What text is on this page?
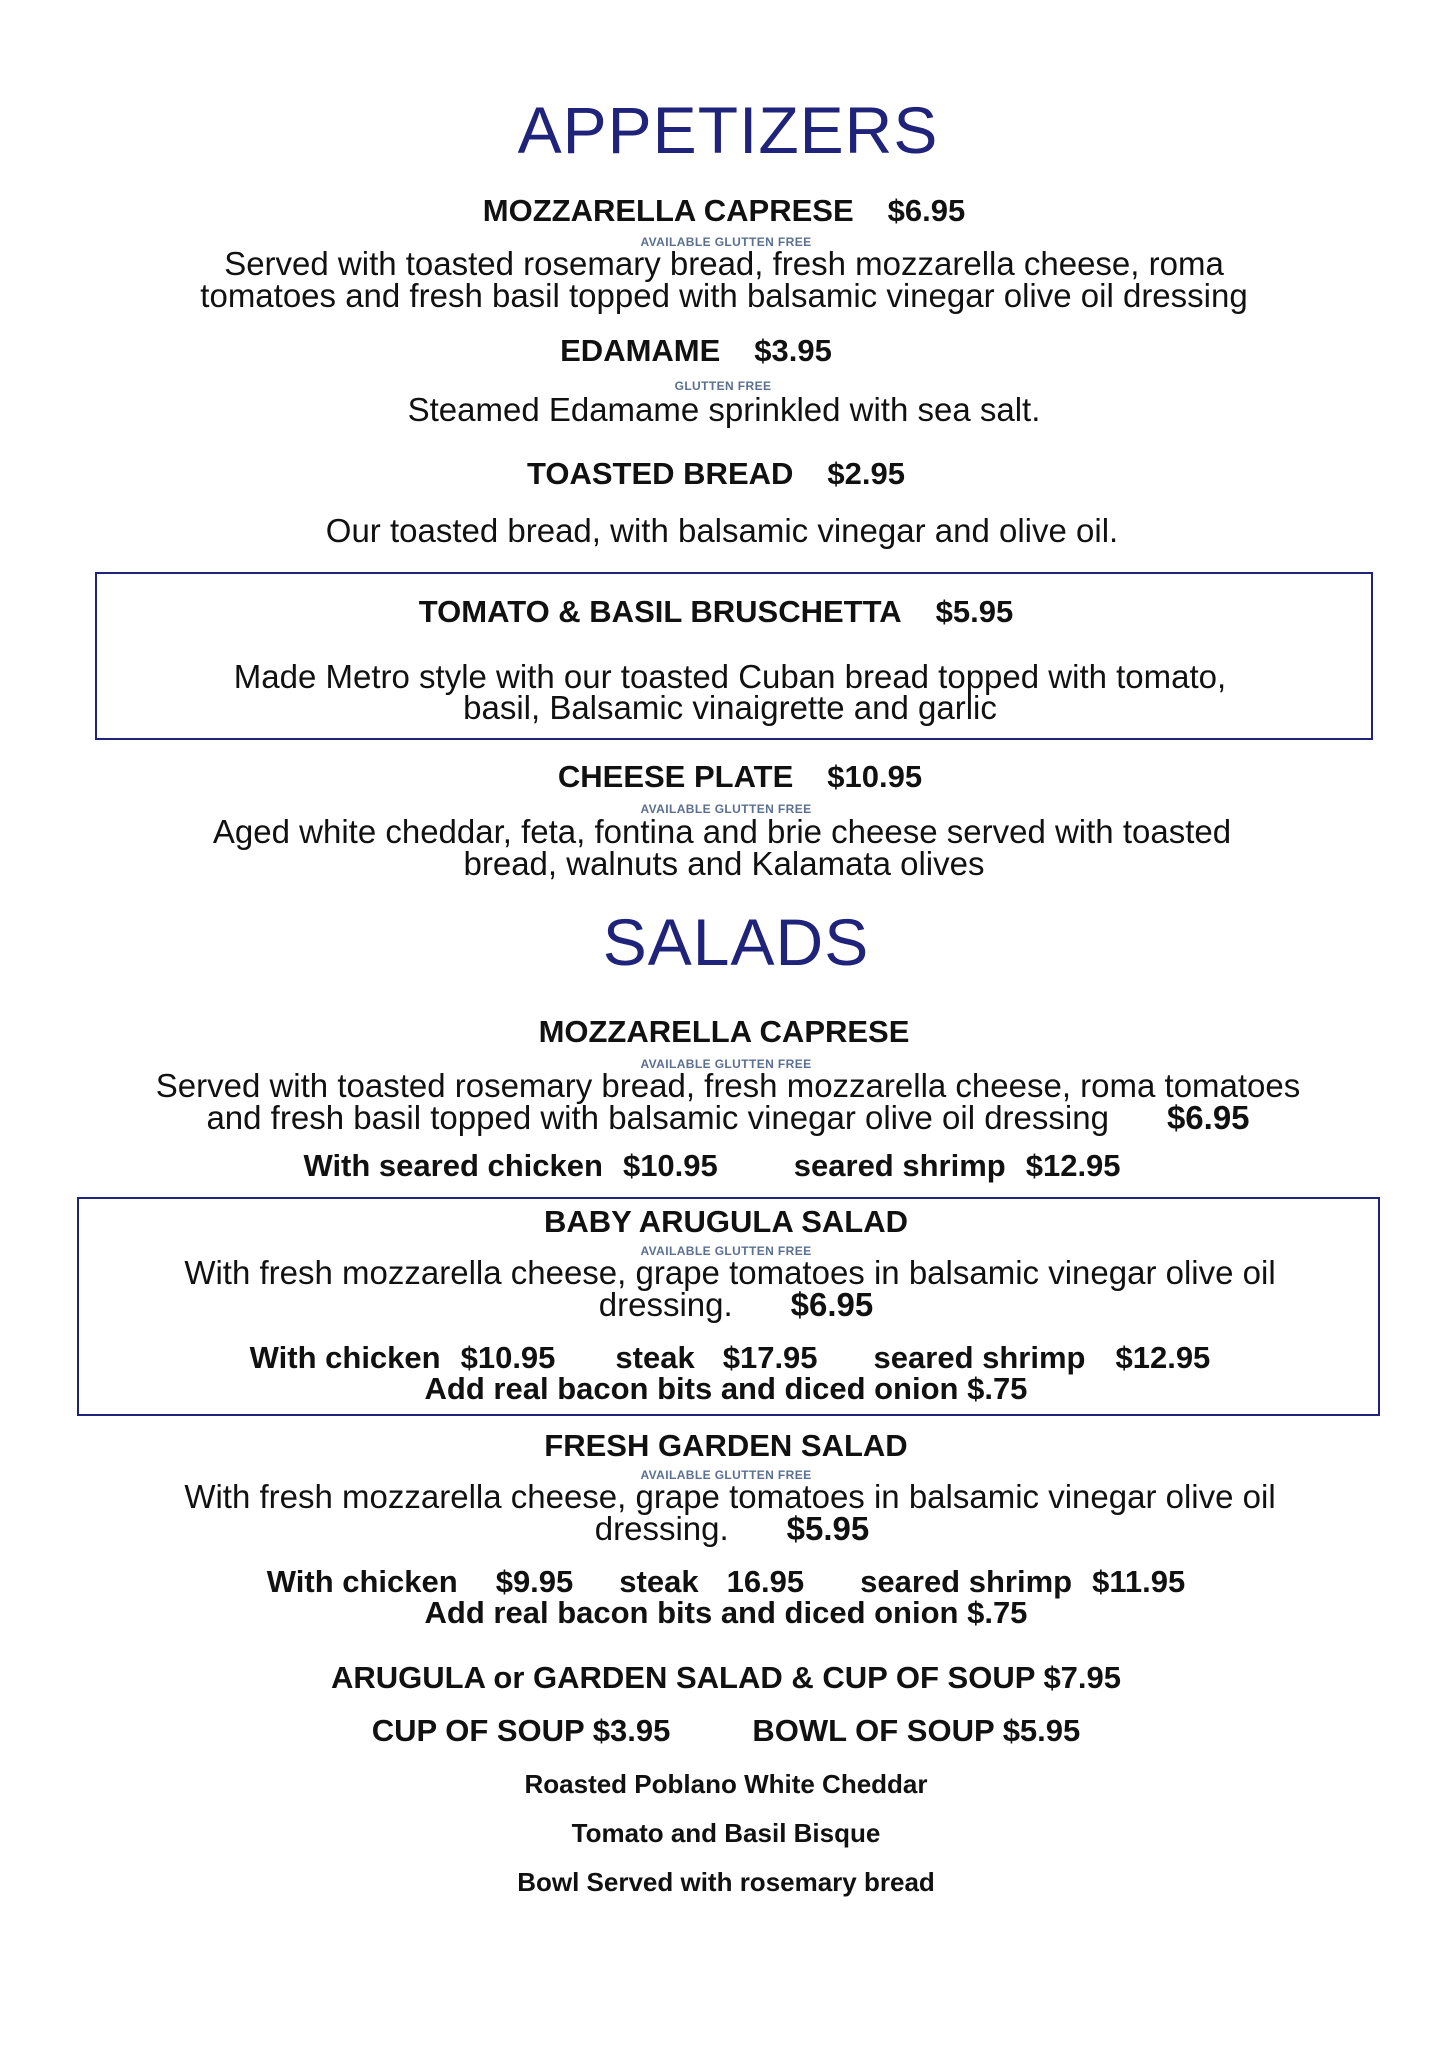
APPETIZERS
MOZZARELLA CAPRESE $6.95
AVAILABLE GLUTTEN FREE
Served with toasted rosemary bread, fresh mozzarella cheese, roma
tomatoes and fresh basil topped with balsamic vinegar olive oil dressing
EDAMAME $3.95
GLUTTEN FREE
Steamed Edamame sprinkled with sea salt.
TOASTED BREAD $2.95
Our toasted bread, with balsamic vinegar and olive oil.
TOMATO & BASIL BRUSCHETTA $5.95
Made Metro style with our toasted Cuban bread topped with tomato,
basil, Balsamic vinaigrette and garlic
CHEESE PLATE $10.95
AVAILABLE GLUTTEN FREE
Aged white cheddar, feta, fontina and brie cheese served with toasted
bread, walnuts and Kalamata olives
SALADS
MOZZARELLA CAPRESE
AVAILABLE GLUTTEN FREE
Served with toasted rosemary bread, fresh mozzarella cheese, roma tomatoes
and fresh basil topped with balsamic vinegar olive oil dressing $6.95
With seared chicken $10.95 seared shrimp $12.95
BABY ARUGULA SALAD
AVAILABLE GLUTTEN FREE
With fresh mozzarella cheese, grape tomatoes in balsamic vinegar olive oil
dressing. $6.95
With chicken $10.95 steak $17.95 seared shrimp $12.95
Add real bacon bits and diced onion $.75
FRESH GARDEN SALAD
AVAILABLE GLUTTEN FREE
With fresh mozzarella cheese, grape tomatoes in balsamic vinegar olive oil
dressing. $5.95
With chicken $9.95 steak 16.95 seared shrimp $11.95
Add real bacon bits and diced onion $.75
ARUGULA or GARDEN SALAD & CUP OF SOUP $7.95
CUP OF SOUP $3.95	BOWL OF SOUP $5.95
Roasted Poblano White Cheddar
Tomato and Basil Bisque
Bowl Served with rosemary bread
